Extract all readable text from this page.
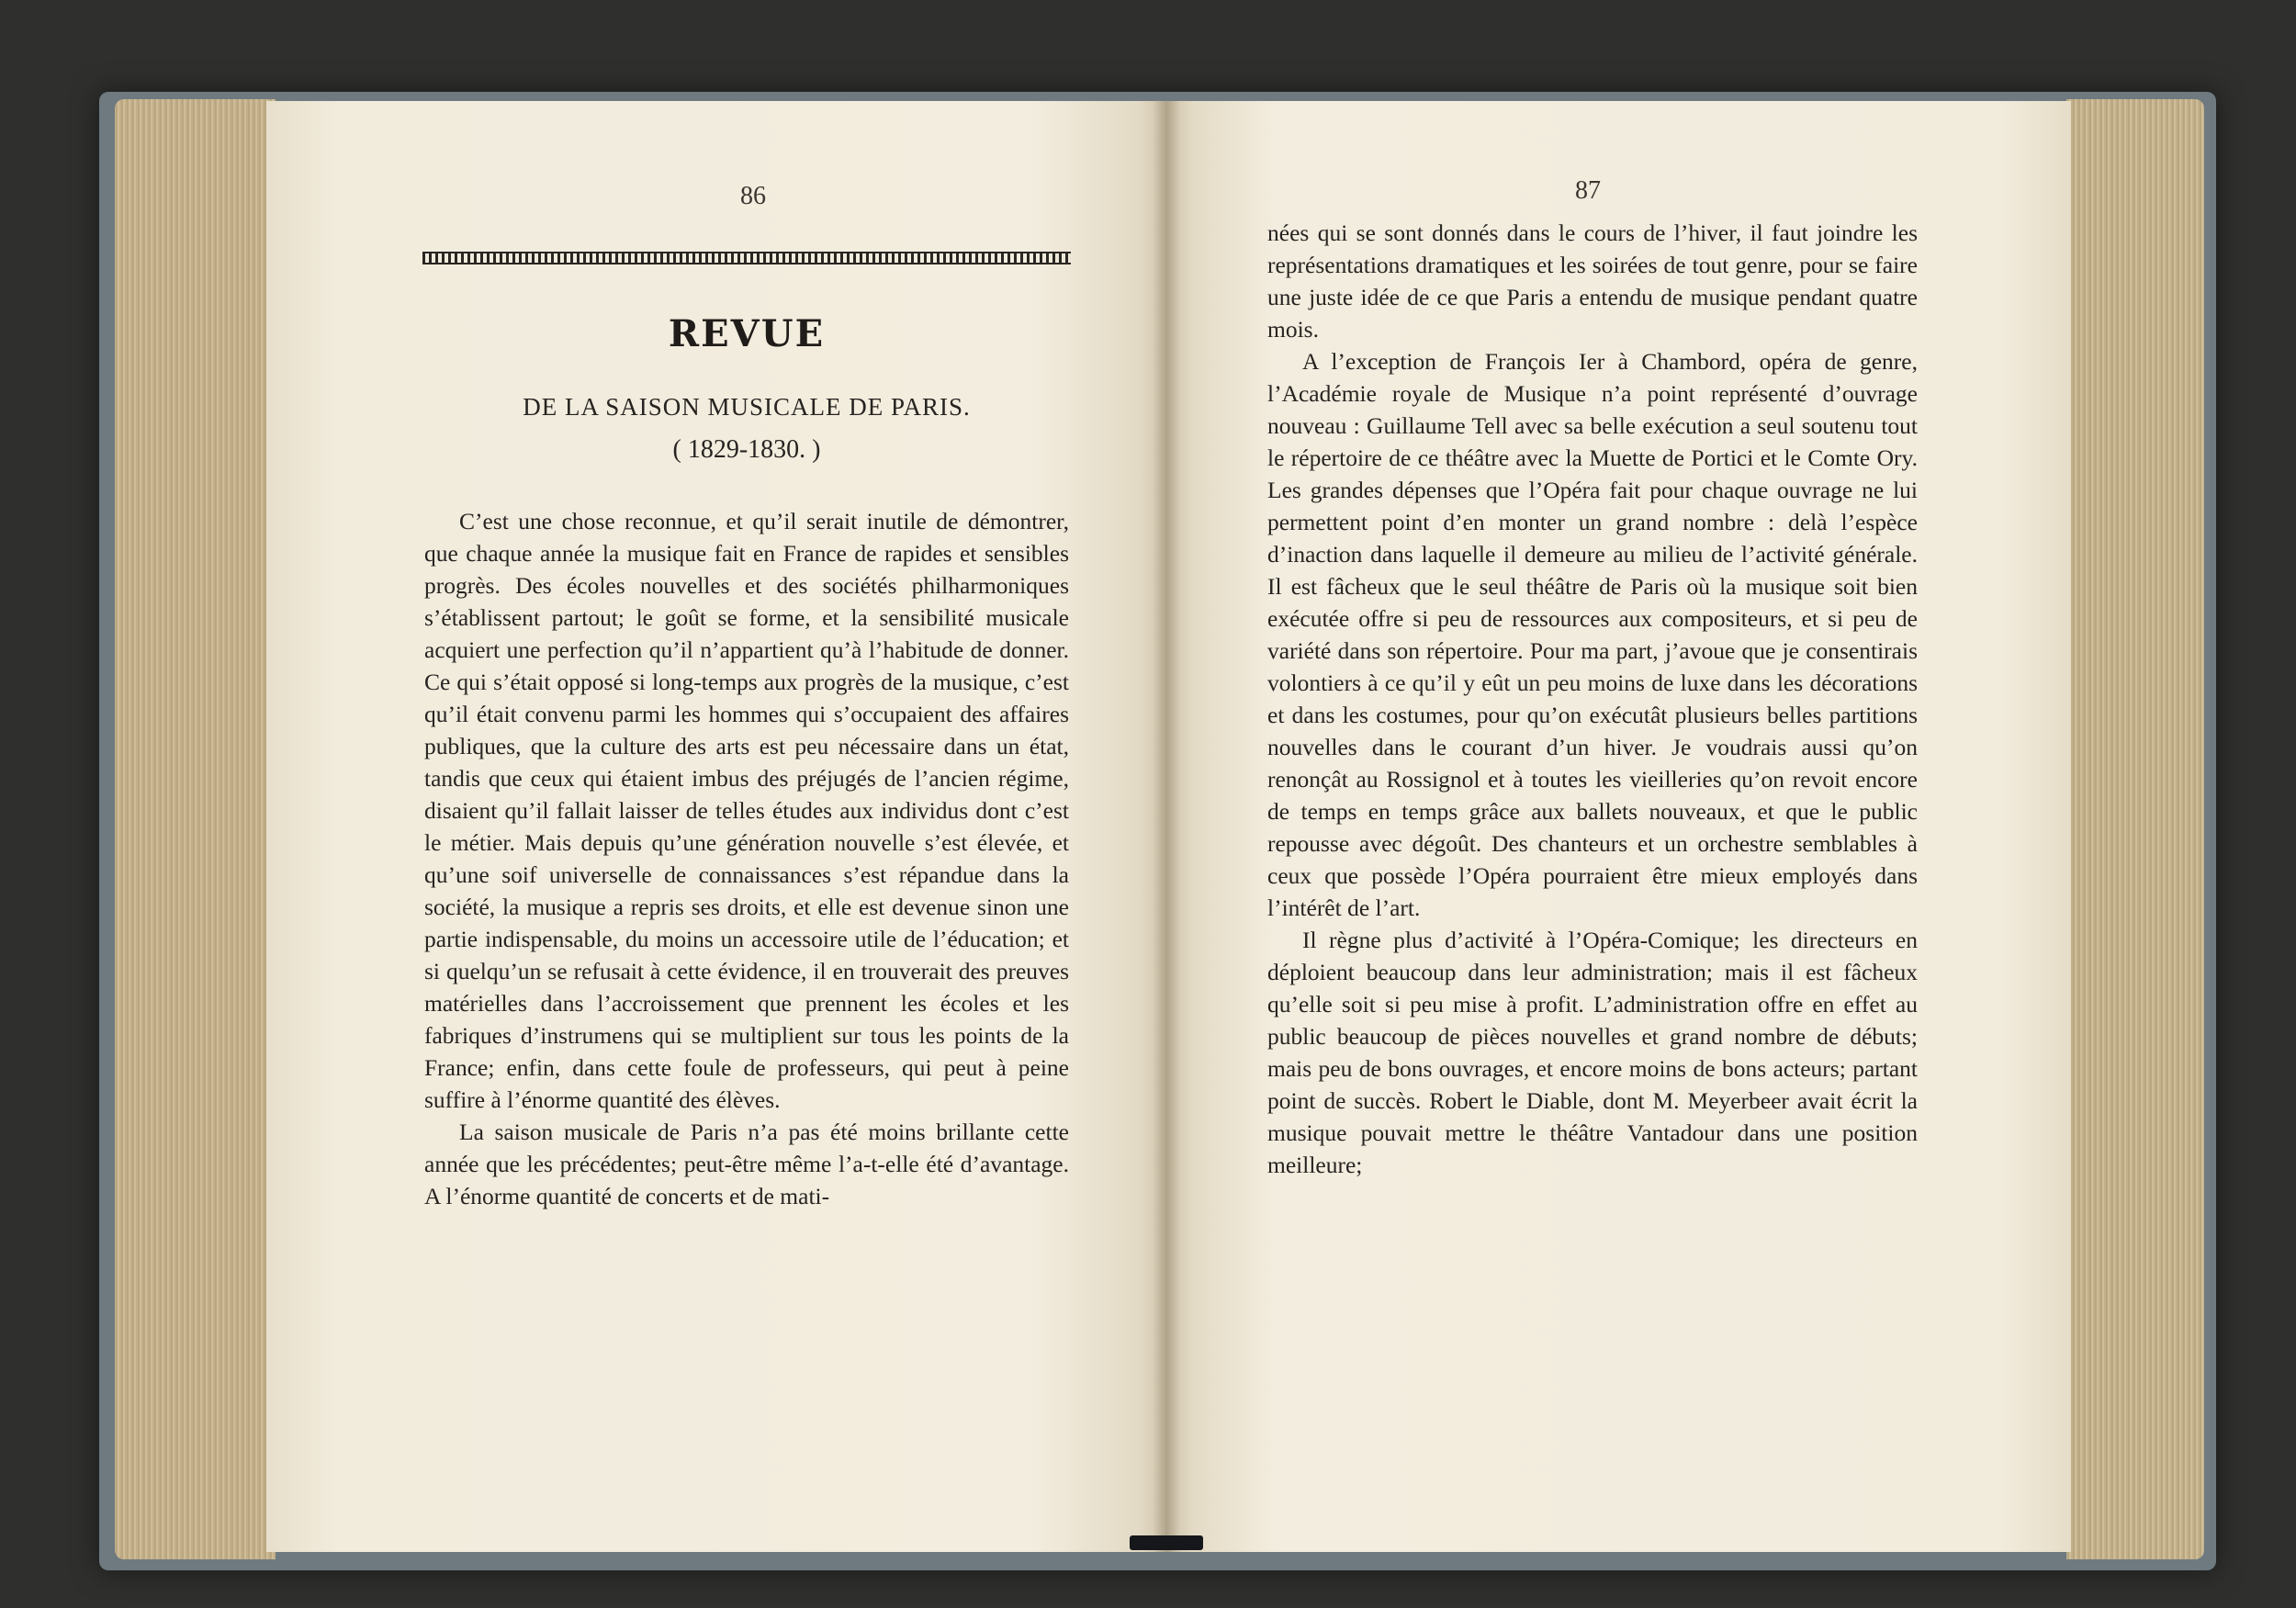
86
REVUE
DE LA SAISON MUSICALE DE PARIS.
( 1829-1830. )

C’est une chose reconnue, et qu’il serait inutile de démontrer, que chaque année la musique fait en France de rapides et sensibles progrès. Des écoles nouvelles et des sociétés philharmoniques s’établissent partout; le goût se forme, et la sensibilité musicale acquiert une perfection qu’il n’appartient qu’à l’habitude de donner. Ce qui s’était opposé si long-temps aux progrès de la musique, c’est qu’il était convenu parmi les hommes qui s’occupaient des affaires publiques, que la culture des arts est peu nécessaire dans un état, tandis que ceux qui étaient imbus des préjugés de l’ancien régime, disaient qu’il fallait laisser de telles études aux individus dont c’est le métier. Mais depuis qu’une génération nouvelle s’est élevée, et qu’une soif universelle de connaissances s’est répandue dans la société, la musique a repris ses droits, et elle est devenue sinon une partie indispensable, du moins un accessoire utile de l’éducation; et si quelqu’un se refusait à cette évidence, il en trouverait des preuves matérielles dans l’accroissement que prennent les écoles et les fabriques d’instrumens qui se multiplient sur tous les points de la France; enfin, dans cette foule de professeurs, qui peut à peine suffire à l’énorme quantité des élèves.

La saison musicale de Paris n’a pas été moins brillante cette année que les précédentes; peut-être même l’a-t-elle été d’avantage. A l’énorme quantité de concerts et de mati-

87

nées qui se sont donnés dans le cours de l’hiver, il faut joindre les représentations dramatiques et les soirées de tout genre, pour se faire une juste idée de ce que Paris a entendu de musique pendant quatre mois.

A l’exception de François Ier à Chambord, opéra de genre, l’Académie royale de Musique n’a point représenté d’ouvrage nouveau : Guillaume Tell avec sa belle exécution a seul soutenu tout le répertoire de ce théâtre avec la Muette de Portici et le Comte Ory. Les grandes dépenses que l’Opéra fait pour chaque ouvrage ne lui permettent point d’en monter un grand nombre : delà l’espèce d’inaction dans laquelle il demeure au milieu de l’activité générale. Il est fâcheux que le seul théâtre de Paris où la musique soit bien exécutée offre si peu de ressources aux compositeurs, et si peu de variété dans son répertoire. Pour ma part, j’avoue que je consentirais volontiers à ce qu’il y eût un peu moins de luxe dans les décorations et dans les costumes, pour qu’on exécutât plusieurs belles partitions nouvelles dans le courant d’un hiver. Je voudrais aussi qu’on renonçât au Rossignol et à toutes les vieilleries qu’on revoit encore de temps en temps grâce aux ballets nouveaux, et que le public repousse avec dégoût. Des chanteurs et un orchestre semblables à ceux que possède l’Opéra pourraient être mieux employés dans l’intérêt de l’art.

Il règne plus d’activité à l’Opéra-Comique; les directeurs en déploient beaucoup dans leur administration; mais il est fâcheux qu’elle soit si peu mise à profit. L’administration offre en effet au public beaucoup de pièces nouvelles et grand nombre de débuts; mais peu de bons ouvrages, et encore moins de bons acteurs; partant point de succès. Robert le Diable, dont M. Meyerbeer avait écrit la musique pouvait mettre le théâtre Vantadour dans une position meilleure;
